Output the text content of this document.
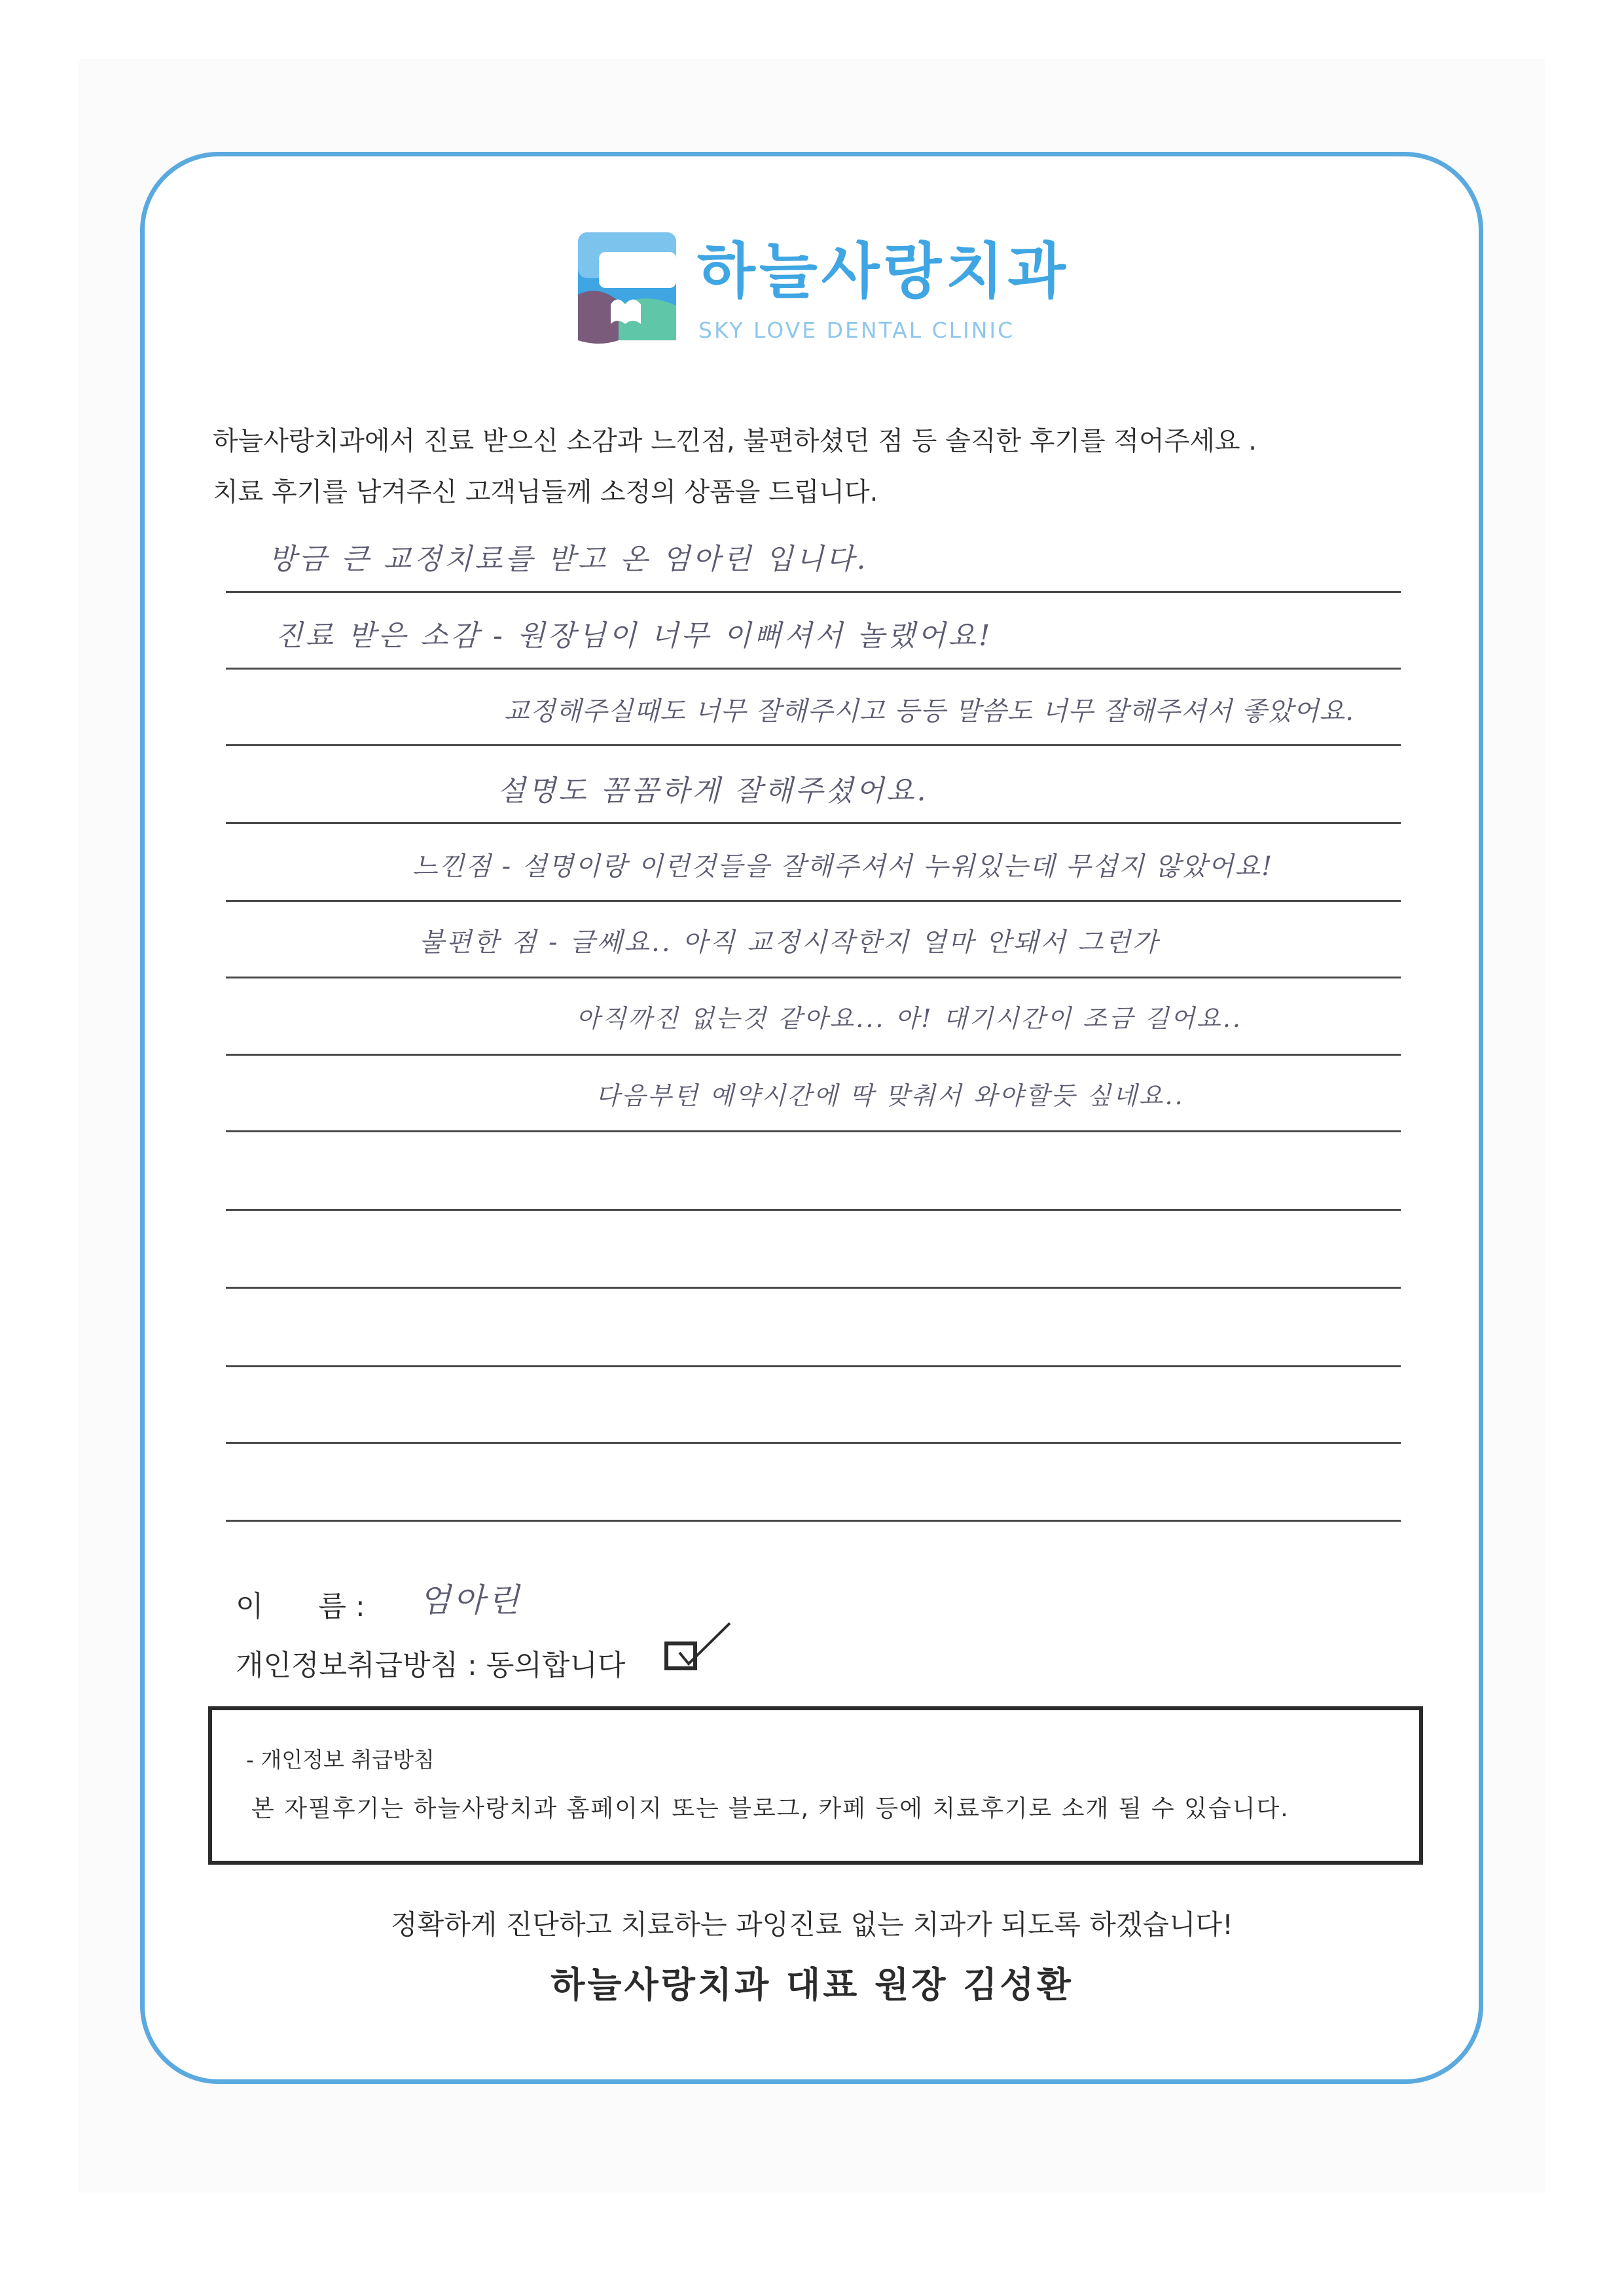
하늘사랑치과
SKY LOVE DENTAL CLINIC
하늘사랑치과에서 진료 받으신 소감과 느낀점, 불편하셨던 점 등 솔직한 후기를 적어주세요 .
치료 후기를 남겨주신 고객님들께 소정의 상품을 드립니다.
방금 큰 교정치료를 받고 온 엄아린 입니다.
진료 받은 소감 - 원장님이 너무 이뻐셔서 놀랬어요!
교정해주실때도 너무 잘해주시고 등등 말씀도 너무 잘해주셔서 좋았어요.
설명도 꼼꼼하게 잘해주셨어요.
느낀점 - 설명이랑 이런것들을 잘해주셔서 누워있는데 무섭지 않았어요!
불편한 점 - 글쎄요.. 아직 교정시작한지 얼마 안돼서 그런가
아직까진 없는것 같아요... 아! 대기시간이 조금 길어요..
다음부턴 예약시간에 딱 맞춰서 와야할듯 싶네요..
이      름 : 엄아린
개인정보취급방침 : 동의합니다
- 개인정보 취급방침
본 자필후기는 하늘사랑치과 홈페이지 또는 블로그, 카페 등에 치료후기로 소개 될 수 있습니다.
정확하게 진단하고 치료하는 과잉진료 없는 치과가 되도록 하겠습니다!
하늘사랑치과 대표 원장 김성환
